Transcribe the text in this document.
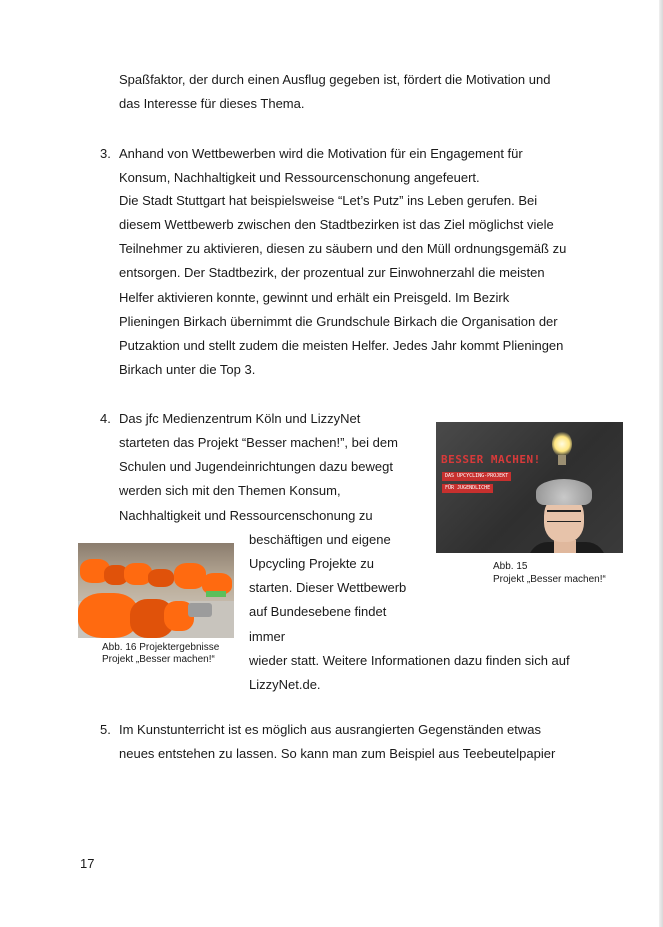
Spaßfaktor, der durch einen Ausflug gegeben ist, fördert die Motivation und
das Interesse für dieses Thema.
3. Anhand von Wettbewerben wird die Motivation für ein Engagement für
Konsum, Nachhaltigkeit und Ressourcenschonung angefeuert.
Die Stadt Stuttgart hat beispielsweise “Let’s Putz” ins Leben gerufen. Bei
diesem Wettbewerb zwischen den Stadtbezirken ist das Ziel möglichst viele
Teilnehmer zu aktivieren, diesen zu säubern und den Müll ordnungsgemäß zu
entsorgen. Der Stadtbezirk, der prozentual zur Einwohnerzahl die meisten
Helfer aktivieren konnte, gewinnt und erhält ein Preisgeld. Im Bezirk
Plieningen Birkach übernimmt die Grundschule Birkach die Organisation der
Putzaktion und stellt zudem die meisten Helfer. Jedes Jahr kommt Plieningen
Birkach unter die Top 3.
4. Das jfc Medienzentrum Köln und LizzyNet
starteten das Projekt “Besser machen!”, bei dem
Schulen und Jugendeinrichtungen dazu bewegt
werden sich mit den Themen Konsum,
Nachhaltigkeit und Ressourcenschonung zu
beschäftigen und eigene
Upcycling Projekte zu
starten. Dieser Wettbewerb
auf Bundesebene findet
immer
wieder statt. Weitere Informationen dazu finden sich auf
LizzyNet.de.
BESSER MACHEN!
DAS UPCYCLING-PROJEKT
FÜR JUGENDLICHE
Abb. 15
Projekt „Besser machen!“
Abb. 16 Projektergebnisse
Projekt „Besser machen!“
5. Im Kunstunterricht ist es möglich aus ausrangierten Gegenständen etwas
neues entstehen zu lassen. So kann man zum Beispiel aus Teebeutelpapier
17
